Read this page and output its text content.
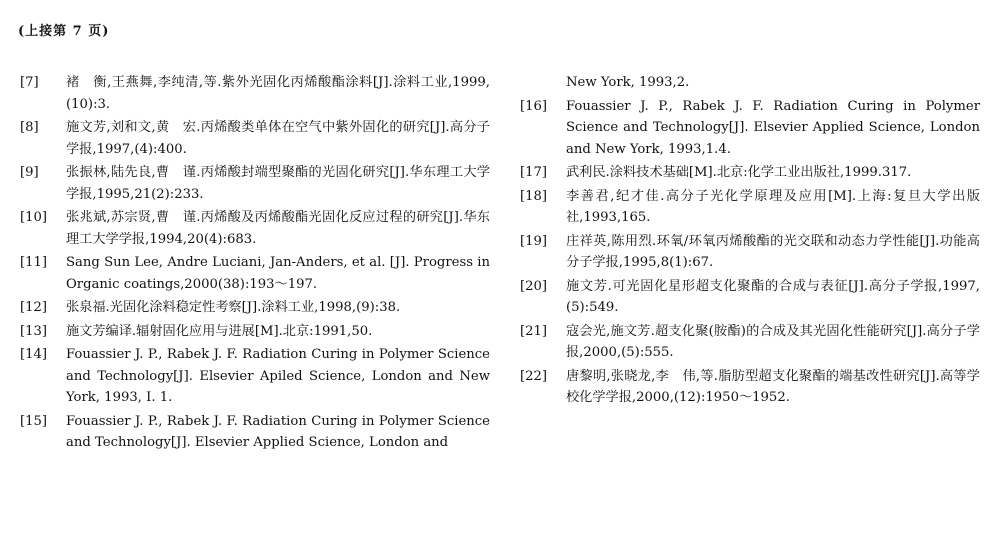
(上接第 7 页)
[7]	褚　衡,王燕舞,李纯清,等.紫外光固化丙烯酸酯涂料[J].涂料工业,1999,(10):3.
[8]	施文芳,刘和文,黄　宏.丙烯酸类单体在空气中紫外固化的研究[J].高分子学报,1997,(4):400.
[9]	张振林,陆先良,曹　谨.丙烯酸封端型聚酯的光固化研究[J].华东理工大学学报,1995,21(2):233.
[10]	张兆斌,苏宗贤,曹　谨.丙烯酸及丙烯酸酯光固化反应过程的研究[J].华东理工大学学报,1994,20(4):683.
[11]	Sang Sun Lee, Andre Luciani, Jan-Anders, et al. [J]. Progress in Organic coatings,2000(38):193～197.
[12]	张泉福.光固化涂料稳定性考察[J].涂料工业,1998,(9):38.
[13]	施文芳编译.辐射固化应用与进展[M].北京:1991,50.
[14]	Fouassier J. P., Rabek J. F. Radiation Curing in Polymer Science and Technology[J]. Elsevier Apiled Science, London and New York, 1993, I. 1.
[15]	Fouassier J. P., Rabek J. F. Radiation Curing in Polymer Science and Technology[J]. Elsevier Applied Science, London and
New York, 1993,2.
[16]	Fouassier J. P., Rabek J. F. Radiation Curing in Polymer Science and Technology[J]. Elsevier Applied Science, London and New York, 1993,1.4.
[17]	武利民.涂料技术基础[M].北京:化学工业出版社,1999.317.
[18]	李善君,纪才佳.高分子光化学原理及应用[M].上海:复旦大学出版社,1993,165.
[19]	庄祥英,陈用烈.环氧/环氧丙烯酸酯的光交联和动态力学性能[J].功能高分子学报,1995,8(1):67.
[20]	施文芳.可光固化星形超支化聚酯的合成与表征[J].高分子学报,1997,(5):549.
[21]	寇会光,施文芳.超支化聚(胺酯)的合成及其光固化性能研究[J].高分子学报,2000,(5):555.
[22]	唐黎明,张晓龙,李　伟,等.脂肪型超支化聚酯的端基改性研究[J].高等学校化学学报,2000,(12):1950～1952.
